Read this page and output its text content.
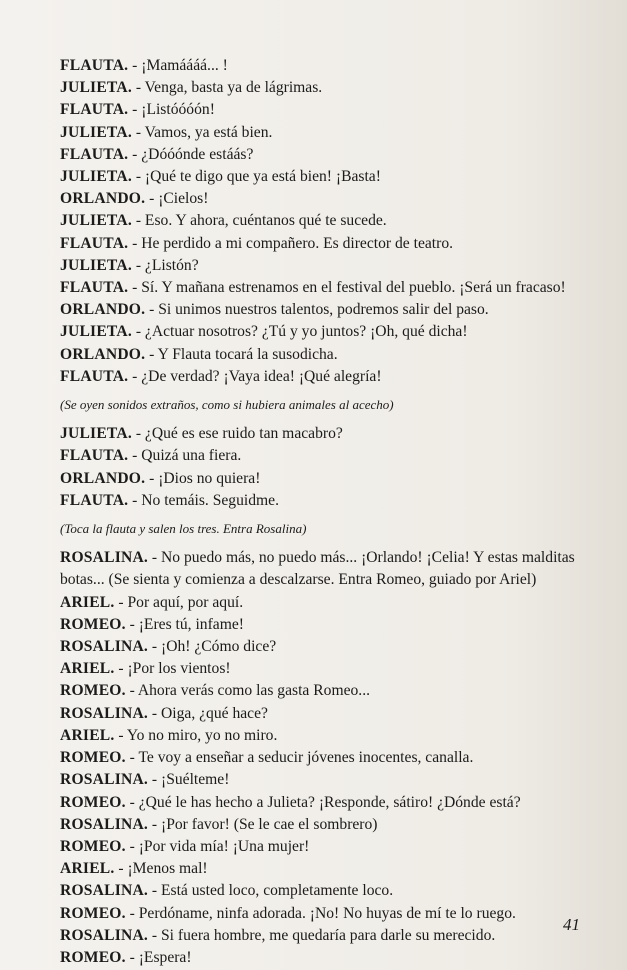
FLAUTA. - ¡Mamáááá... !
JULIETA. - Venga, basta ya de lágrimas.
FLAUTA. - ¡Listóóóón!
JULIETA. - Vamos, ya está bien.
FLAUTA. - ¿Dóóónde estáás?
JULIETA. - ¡Qué te digo que ya está bien! ¡Basta!
ORLANDO. - ¡Cielos!
JULIETA. - Eso. Y ahora, cuéntanos qué te sucede.
FLAUTA. - He perdido a mi compañero. Es director de teatro.
JULIETA. - ¿Listón?
FLAUTA. - Sí. Y mañana estrenamos en el festival del pueblo. ¡Será un fracaso!
ORLANDO. - Si unimos nuestros talentos, podremos salir del paso.
JULIETA. - ¿Actuar nosotros? ¿Tú y yo juntos? ¡Oh, qué dicha!
ORLANDO. - Y Flauta tocará la susodicha.
FLAUTA. - ¿De verdad? ¡Vaya idea! ¡Qué alegría!
(Se oyen sonidos extraños, como si hubiera animales al acecho)
JULIETA. - ¿Qué es ese ruido tan macabro?
FLAUTA. - Quizá una fiera.
ORLANDO. - ¡Dios no quiera!
FLAUTA. - No temáis. Seguidme.
(Toca la flauta y salen los tres. Entra Rosalina)
ROSALINA. - No puedo más, no puedo más... ¡Orlando! ¡Celia! Y estas malditas
botas... (Se sienta y comienza a descalzarse. Entra Romeo, guiado por Ariel)
ARIEL. - Por aquí, por aquí.
ROMEO. - ¡Eres tú, infame!
ROSALINA. - ¡Oh! ¿Cómo dice?
ARIEL. - ¡Por los vientos!
ROMEO. - Ahora verás como las gasta Romeo...
ROSALINA. - Oiga, ¿qué hace?
ARIEL. - Yo no miro, yo no miro.
ROMEO. - Te voy a enseñar a seducir jóvenes inocentes, canalla.
ROSALINA. - ¡Suélteme!
ROMEO. - ¿Qué le has hecho a Julieta? ¡Responde, sátiro! ¿Dónde está?
ROSALINA. - ¡Por favor! (Se le cae el sombrero)
ROMEO. - ¡Por vida mía! ¡Una mujer!
ARIEL. - ¡Menos mal!
ROSALINA. - Está usted loco, completamente loco.
ROMEO. - Perdóname, ninfa adorada. ¡No! No huyas de mí te lo ruego.
ROSALINA. - Si fuera hombre, me quedaría para darle su merecido.
ROMEO. - ¡Espera!
41
